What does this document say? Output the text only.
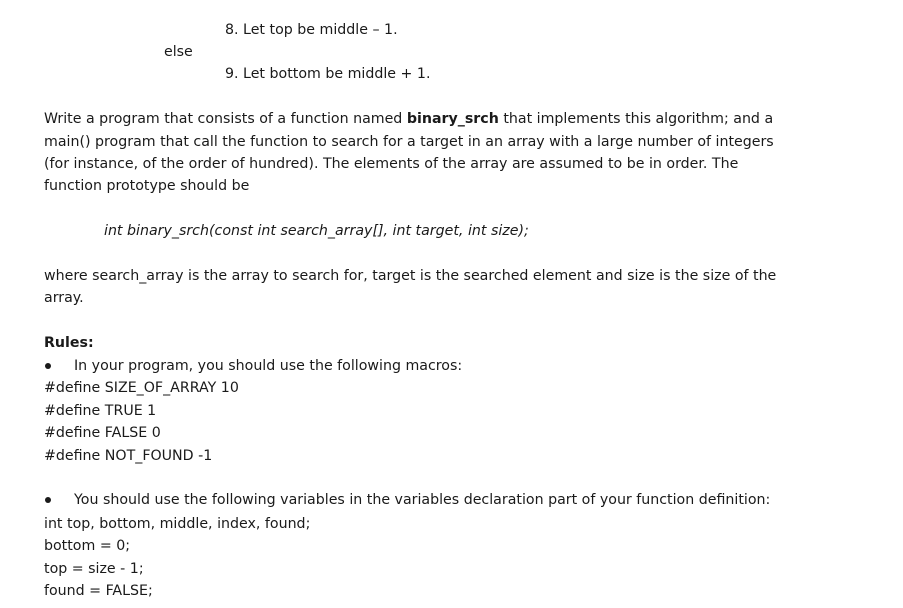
8. Let top be middle – 1.
else
9. Let bottom be middle + 1.
Write a program that consists of a function named binary_srch that implements this algorithm; and a
main() program that call the function to search for a target in an array with a large number of integers
(for instance, of the order of hundred). The elements of the array are assumed to be in order. The
function prototype should be
int binary_srch(const int search_array[], int target, int size);
where search_array is the array to search for, target is the searched element and size is the size of the
array.
Rules:
In your program, you should use the following macros:
#define SIZE_OF_ARRAY 10
#define TRUE 1
#define FALSE 0
#define NOT_FOUND -1
You should use the following variables in the variables declaration part of your function definition:
int top, bottom, middle, index, found;
bottom = 0;
top = size - 1;
found = FALSE;
